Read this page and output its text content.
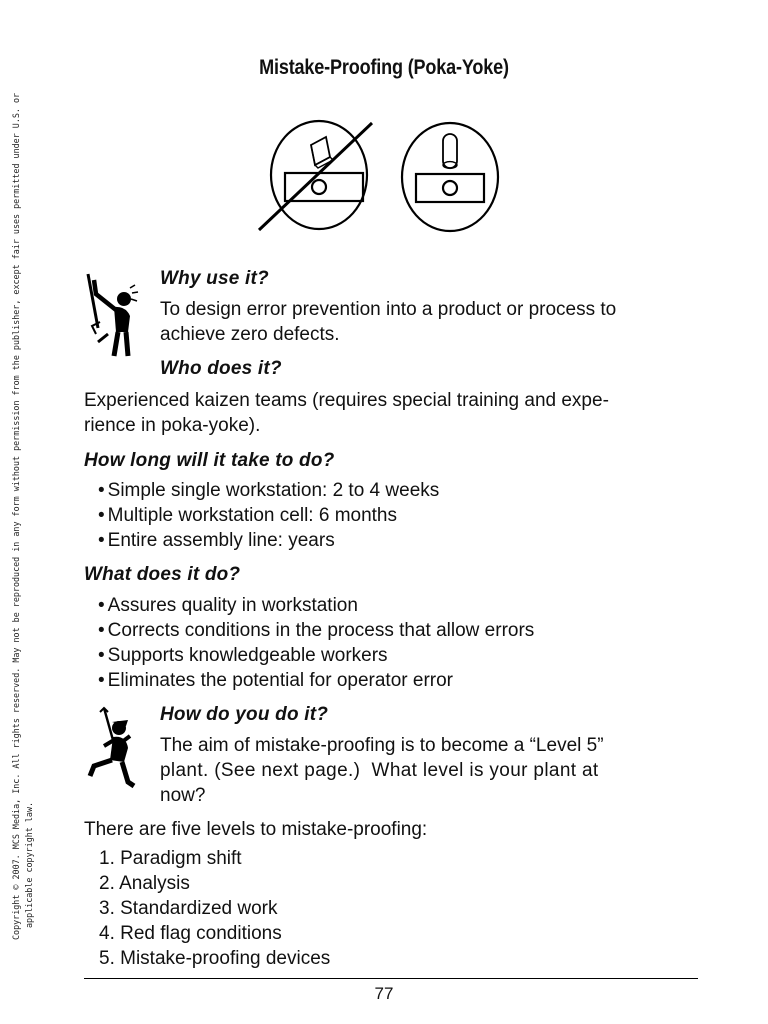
Mistake-Proofing (Poka-Yoke)
Copyright © 2007. MCS Media, Inc. All rights reserved. May not be reproduced in any form without permission from the publisher, except fair uses permitted under U.S. or applicable copyright law.
Why use it?
To design error prevention into a product or process to
achieve zero defects.
Who does it?
Experienced kaizen teams (requires special training and expe-
rience in poka-yoke).
How long will it take to do?
• Simple single workstation: 2 to 4 weeks
• Multiple workstation cell: 6 months
• Entire assembly line: years
What does it do?
• Assures quality in workstation
• Corrects conditions in the process that allow errors
• Supports knowledgeable workers
• Eliminates the potential for operator error
How do you do it?
The aim of mistake-proofing is to become a “Level 5”
plant. (See next page.)  What level is your plant at
now?
There are five levels to mistake-proofing:
1. Paradigm shift
2. Analysis
3. Standardized work
4. Red flag conditions
5. Mistake-proofing devices
77
